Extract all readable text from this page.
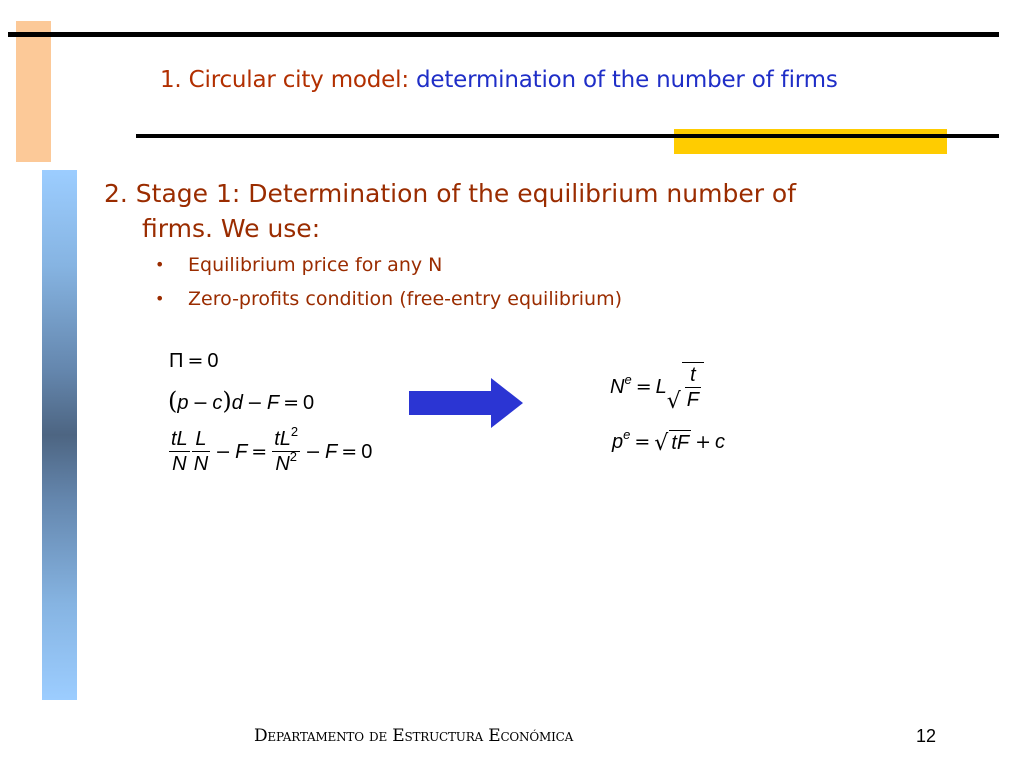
1. Circular city model: determination of the number of firms
2. Stage 1: Determination of the equilibrium number of
firms. We use:
•	Equilibrium price for any N
•	Zero-profits condition (free-entry equilibrium)
Π = 0
(p − c)d − F = 0
$\frac{tL}{N} \frac{L}{N} - F = \frac{tL^2}{N^2} - F = 0$
$N^e = L$
√ $\frac{t}{F}$
$p^e$ = √ tF + c
Departamento de Estructura Económica	12
